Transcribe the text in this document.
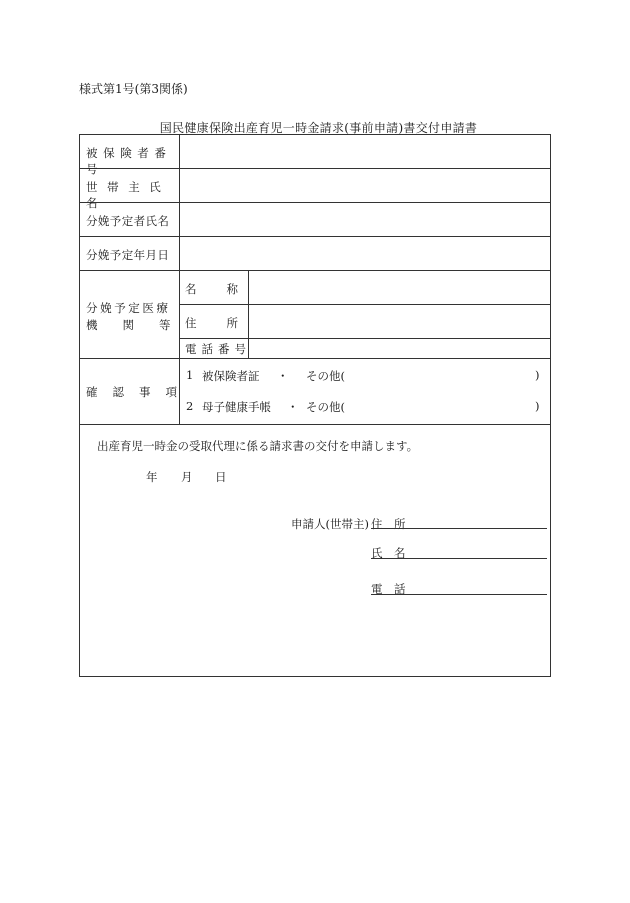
様式第1号(第3関係)
国民健康保険出産育児一時金請求(事前申請)書交付申請書
被保険者番号
世帯主氏名
分娩予定者氏名
分娩予定年月日
分娩予定医療
機関等
名称
住所
電話番号
確認事項
1 被保険者証 ・ その他(	)
2 母子健康手帳 ・ その他(	)
出産育児一時金の受取代理に係る請求書の交付を申請します。
年 月 日
申請人(世帯主) 住　所
氏　名
電　話
